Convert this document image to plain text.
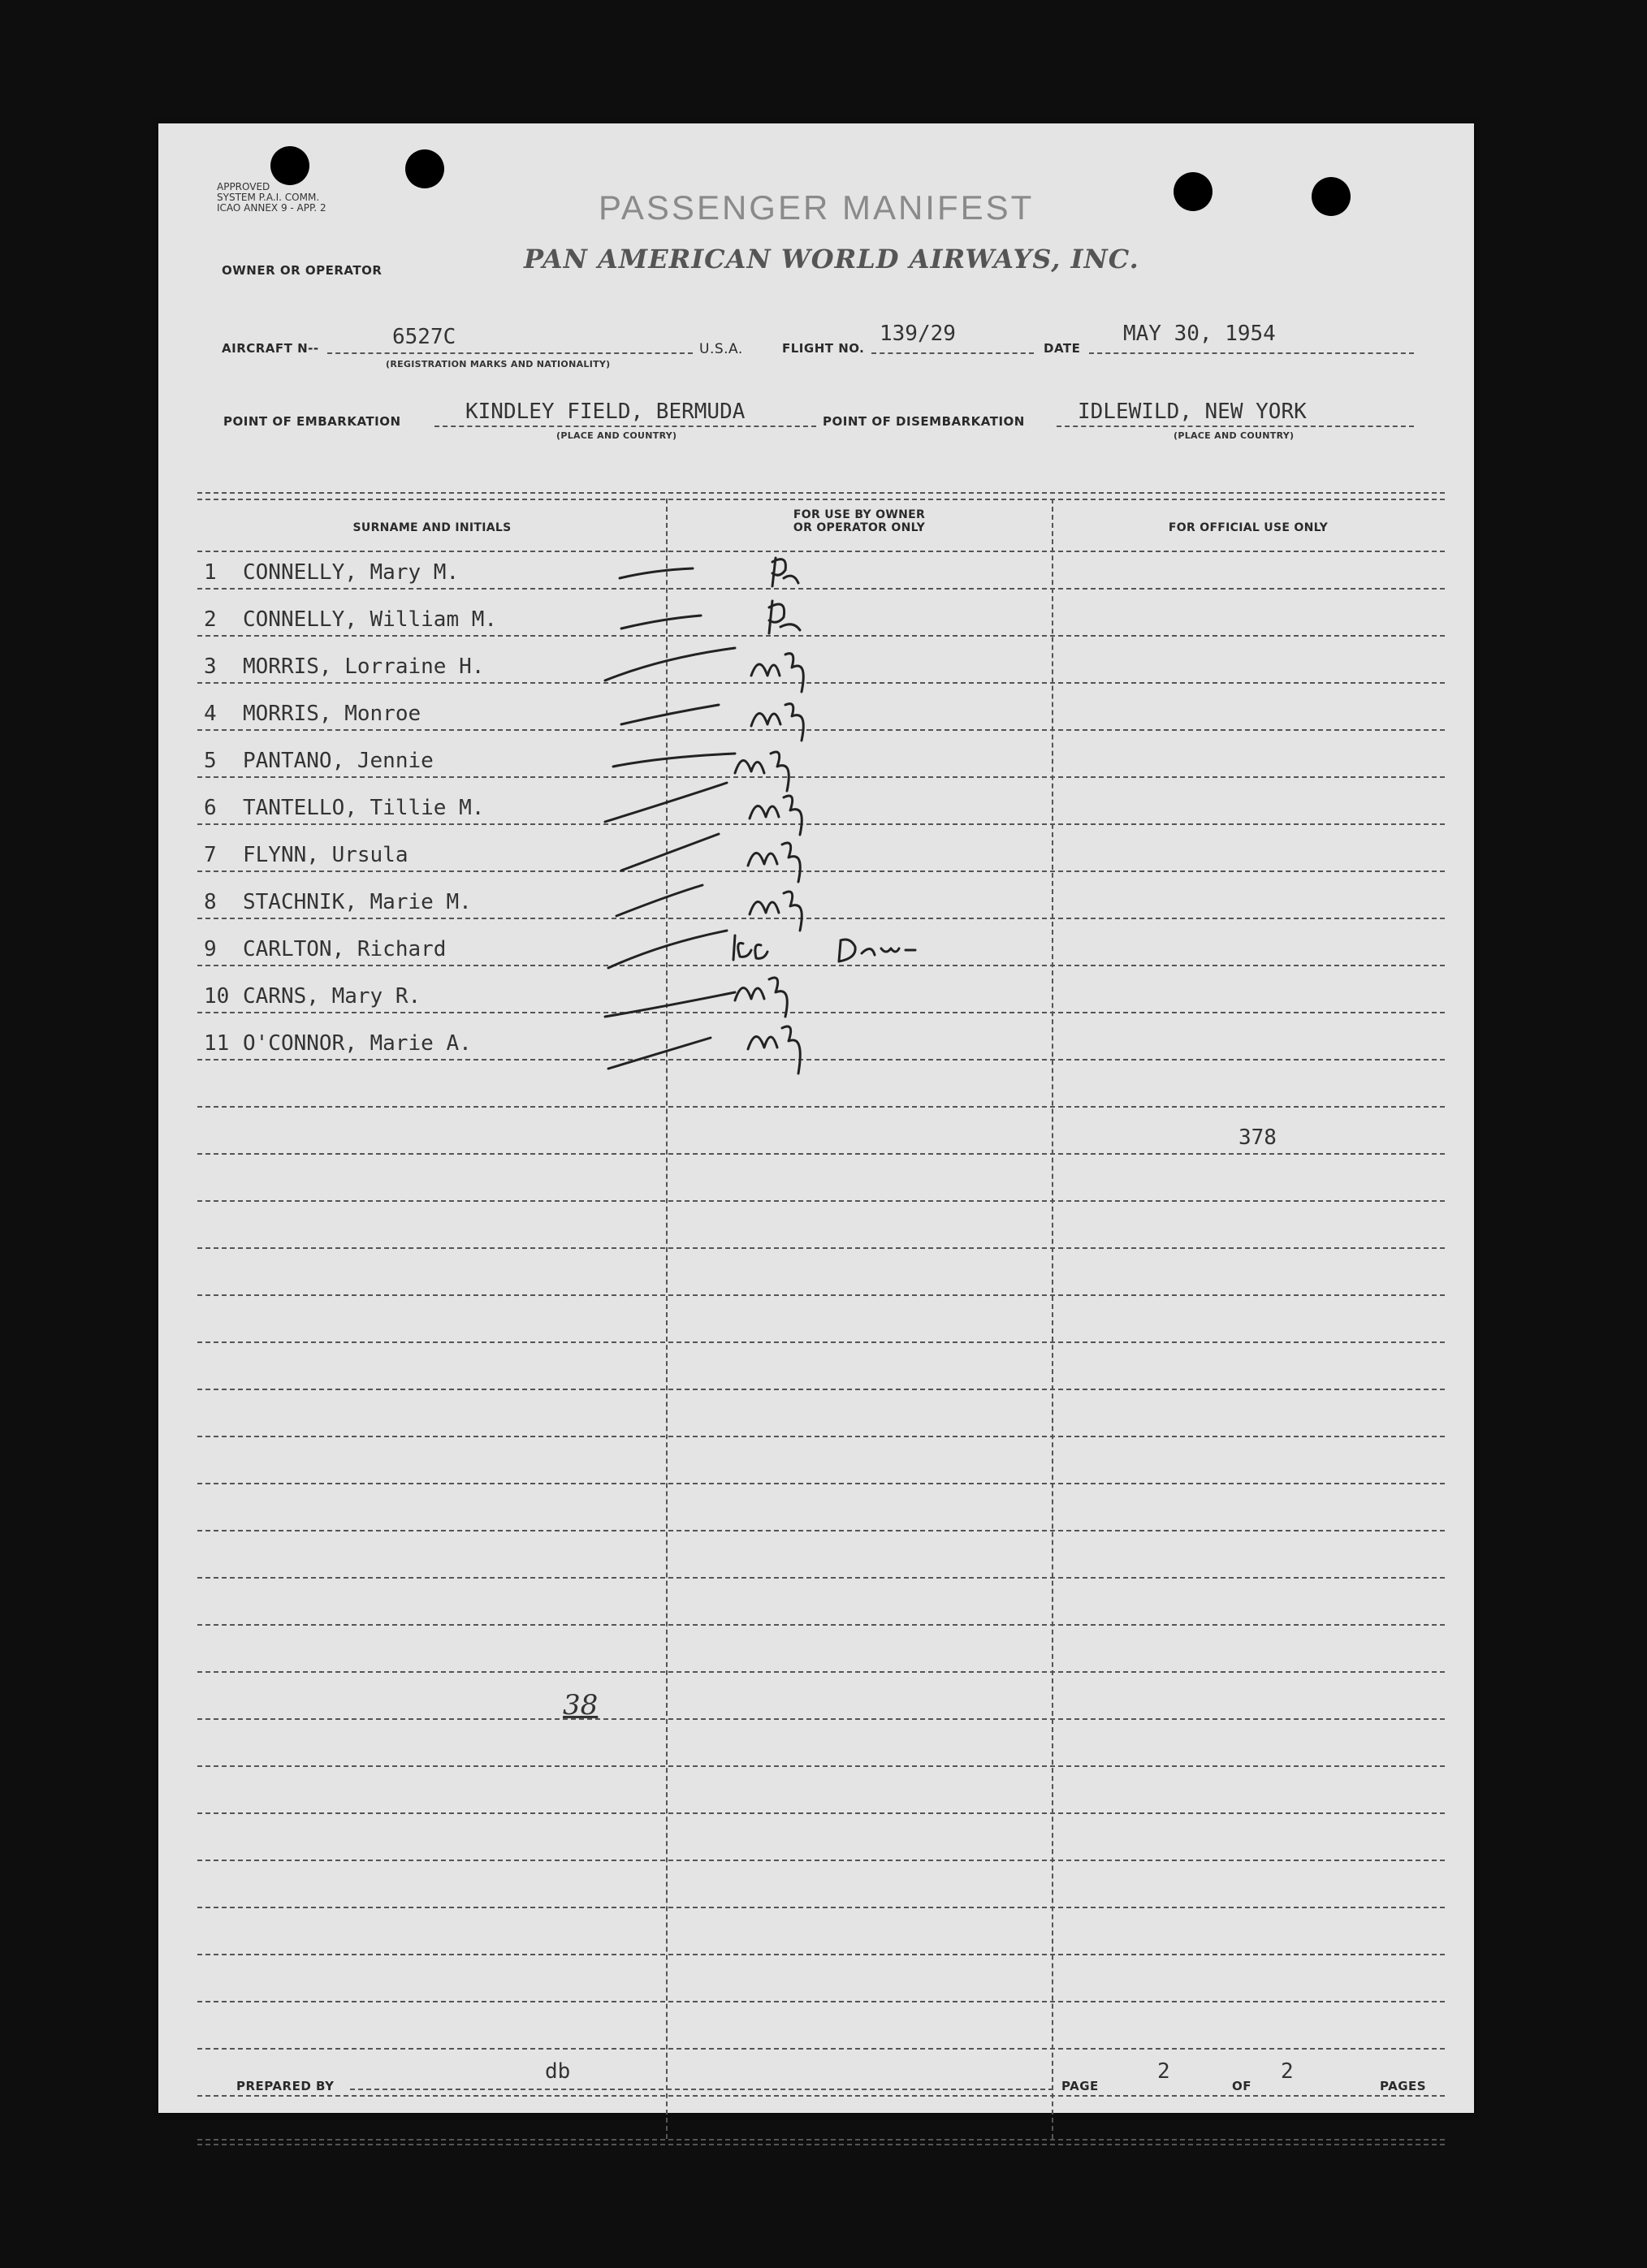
APPROVED
SYSTEM P.A.I. COMM.
ICAO ANNEX 9 - APP. 2	PASSENGER MANIFEST
OWNER OR OPERATOR	PAN AMERICAN WORLD AIRWAYS, INC.
AIRCRAFT N--	6527C
(REGISTRATION MARKS AND NATIONALITY)
U.S.A.	FLIGHT NO.
139/29
DATE
MAY 30, 1954
POINT OF EMBARKATION	KINDLEY FIELD, BERMUDA
(PLACE AND COUNTRY)
POINT OF DISEMBARKATION	IDLEWILD, NEW YORK
(PLACE AND COUNTRY)
SURNAME AND INITIALS
FOR USE BY OWNER
OR OPERATOR ONLY	FOR OFFICIAL USE ONLY
1 CONNELLY, Mary M.
2 CONNELLY, William M.
3 MORRIS, Lorraine H.
4 MORRIS, Monroe
5 PANTANO, Jennie
6 TANTELLO, Tillie M.
7 FLYNN, Ursula
8 STACHNIK, Marie M.
9 CARLTON, Richard
10 CARNS, Mary R.
11 O'CONNOR, Marie A.
378
38
PREPARED BY
db
PAGE
2
OF
2
PAGES
